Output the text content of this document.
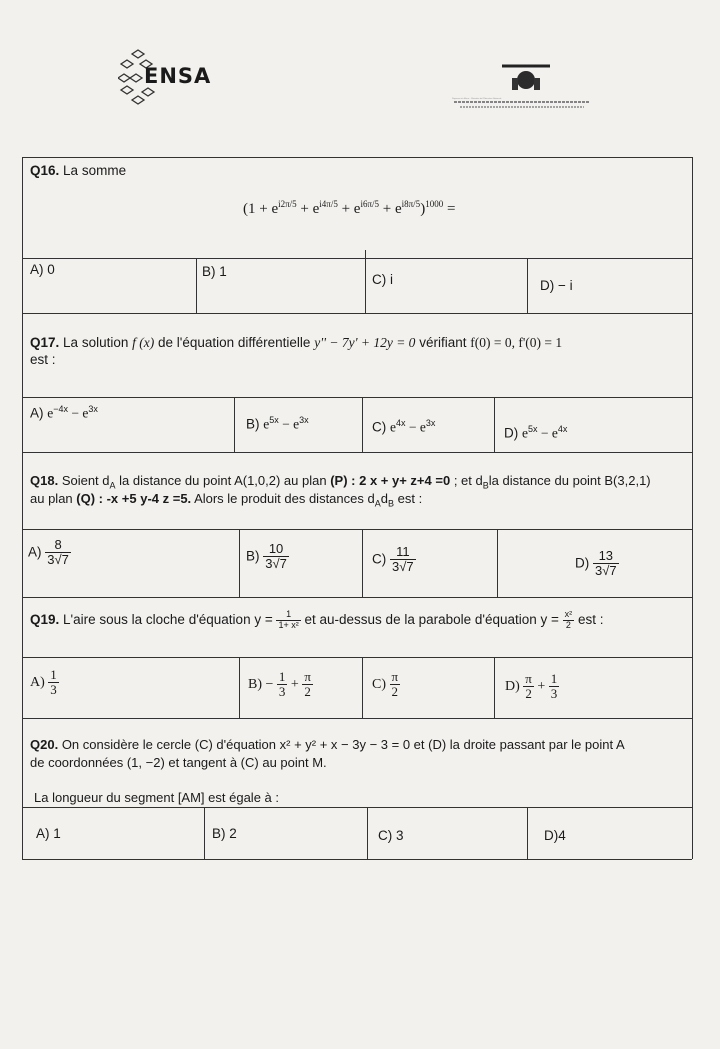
ENSA
Royaume du Maroc · Ministère de l'Éducation Nationale
Q16. La somme
$(1 + e^{i2\pi/5} + e^{i4\pi/5} + e^{i6\pi/5} + e^{i8\pi/5})^{1000}$ =
A) 0	B) 1
C) i	D) − i
Q17. La solution f (x) de l'équation différentielle y'' − 7y' + 12y = 0 vérifiant f(0) = 0, f'(0) = 1
est :
A) $e^{-4x} - e^{3x}$
B) $e^{5x} - e^{3x}$	C) $e^{4x} - e^{3x}$
D) $e^{5x} - e^{4x}$
Q18. Soient $d_A$ la distance du point A(1,0,2) au plan (P) : 2 x + y+ z+4 =0 ; et $d_Bla$ distance du point B(3,2,1)
au plan (Q) : -x +5 y-4 z =5. Alors le produit des distances $d_Ad_B$ est :
$A) \frac{8}{3√7}$	$B) \frac{10}{3√7}$	$C) \frac{11}{3√7}$	$D) \frac{13}{3√7}$
Q19. L'aire sous la cloche d'équation $y = \frac{1}{\text{1+ x²}}$ et au-dessus de la parabole d'équation $y = \frac{\text{x²}}{2}$ est :
$A) \frac{1}{3}$	$B) - \frac{1}{3} + \frac{\pi}{2}$	$C) \frac{\pi}{2}$	$D) \frac{\pi}{2} + \frac{1}{3}$
Q20. On considère le cercle (C) d'équation x² + y² + x − 3y − 3 = 0 et (D) la droite passant par le point A
de coordonnées (1, −2) et tangent à (C) au point M.
La longueur du segment [AM] est égale à :
A) 1	B) 2	C) 3	D)4
